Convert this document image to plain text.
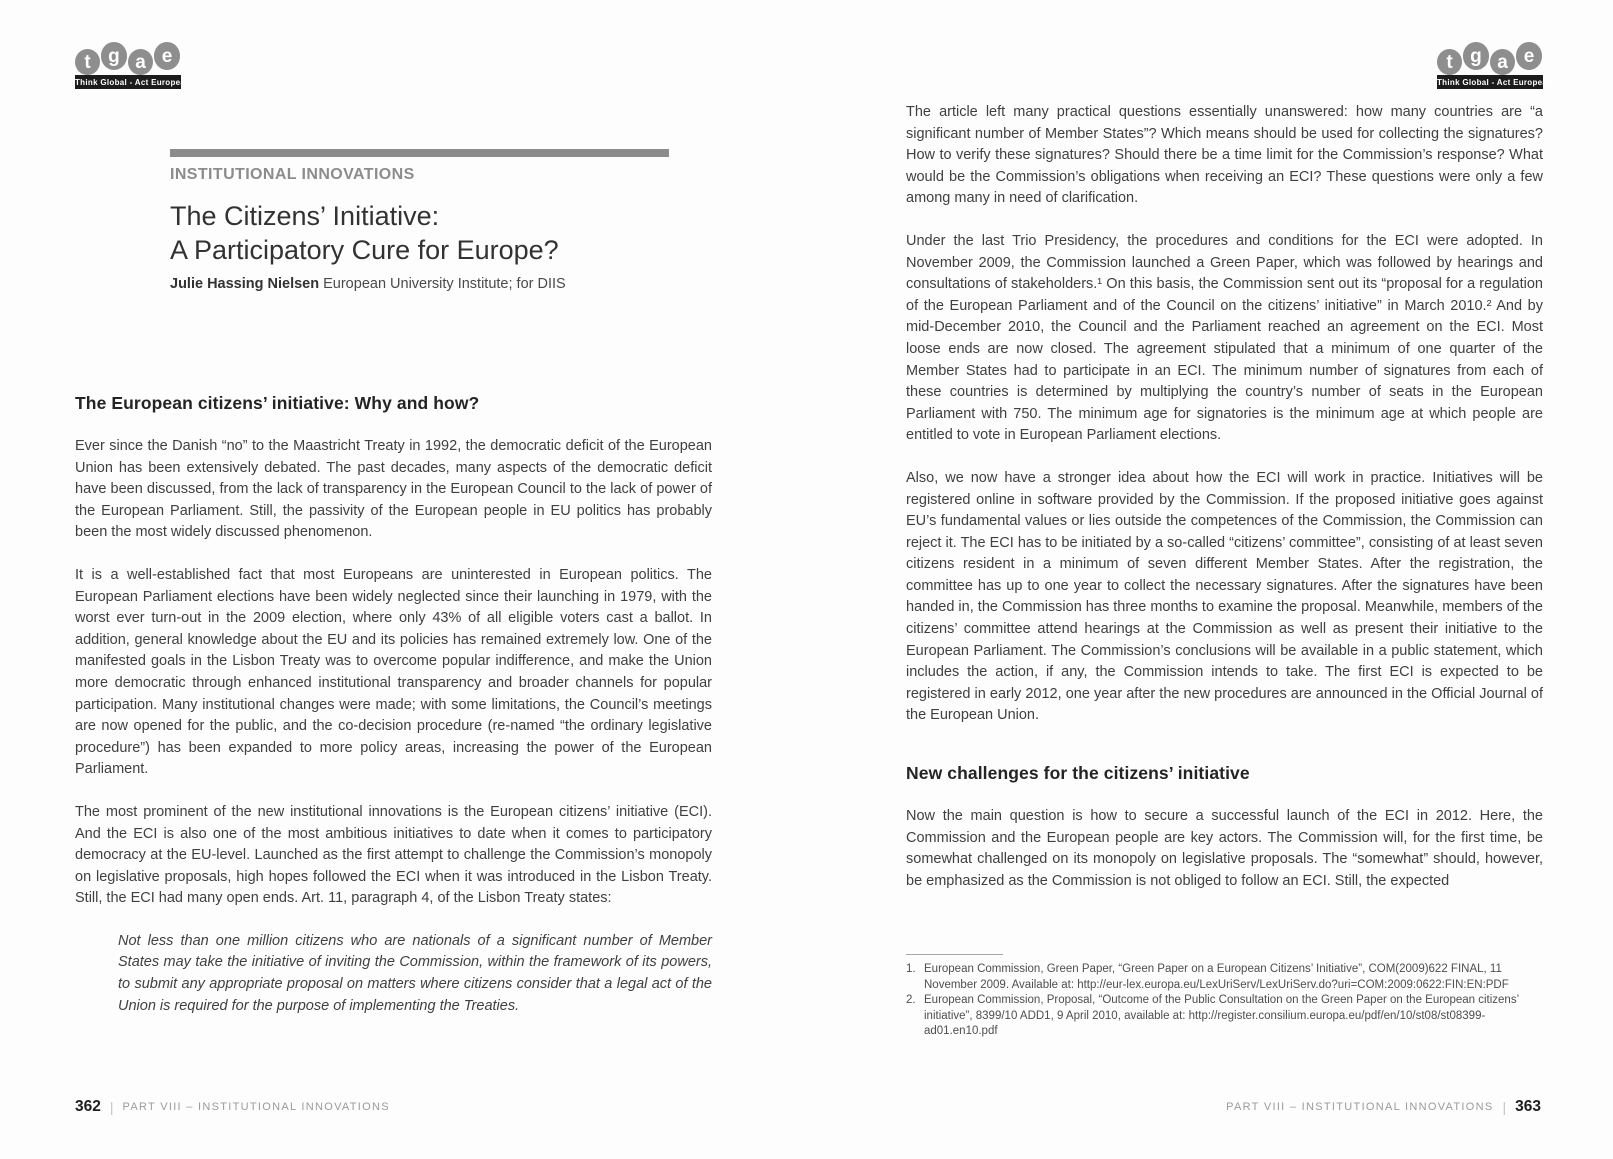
t g a e
Think Global - Act European
t g a e
Think Global - Act European
INSTITUTIONAL INNOVATIONS
The Citizens’ Initiative:
A Participatory Cure for Europe?
Julie Hassing Nielsen European University Institute; for DIIS
The European citizens’ initiative: Why and how?

Ever since the Danish “no” to the Maastricht Treaty in 1992, the democratic deficit of the European Union has been extensively debated. The past decades, many aspects of the democratic deficit have been discussed, from the lack of transparency in the European Council to the lack of power of the European Parliament. Still, the passivity of the European people in EU politics has probably been the most widely discussed phenomenon.

It is a well-established fact that most Europeans are uninterested in European politics. The European Parliament elections have been widely neglected since their launching in 1979, with the worst ever turn-out in the 2009 election, where only 43% of all eligible voters cast a ballot. In addition, general knowledge about the EU and its policies has remained extremely low. One of the manifested goals in the Lisbon Treaty was to overcome popular indifference, and make the Union more democratic through enhanced institutional transparency and broader channels for popular participation. Many institutional changes were made; with some limitations, the Council’s meetings are now opened for the public, and the co-decision procedure (re-named “the ordinary legislative procedure”) has been expanded to more policy areas, increasing the power of the European Parliament.

The most prominent of the new institutional innovations is the European citizens’ initiative (ECI). And the ECI is also one of the most ambitious initiatives to date when it comes to participatory democracy at the EU-level. Launched as the first attempt to challenge the Commission’s monopoly on legislative proposals, high hopes followed the ECI when it was introduced in the Lisbon Treaty. Still, the ECI had many open ends. Art. 11, paragraph 4, of the Lisbon Treaty states:

Not less than one million citizens who are nationals of a significant number of Member States may take the initiative of inviting the Commission, within the framework of its powers, to submit any appropriate proposal on matters where citizens consider that a legal act of the Union is required for the purpose of implementing the Treaties.

The article left many practical questions essentially unanswered: how many countries are “a significant number of Member States”? Which means should be used for collecting the signatures? How to verify these signatures? Should there be a time limit for the Commission’s response? What would be the Commission’s obligations when receiving an ECI? These questions were only a few among many in need of clarification.

Under the last Trio Presidency, the procedures and conditions for the ECI were adopted. In November 2009, the Commission launched a Green Paper, which was followed by hearings and consultations of stakeholders.¹ On this basis, the Commission sent out its “proposal for a regulation of the European Parliament and of the Council on the citizens’ initiative” in March 2010.² And by mid-December 2010, the Council and the Parliament reached an agreement on the ECI. Most loose ends are now closed. The agreement stipulated that a minimum of one quarter of the Member States had to participate in an ECI. The minimum number of signatures from each of these countries is determined by multiplying the country’s number of seats in the European Parliament with 750. The minimum age for signatories is the minimum age at which people are entitled to vote in European Parliament elections.

Also, we now have a stronger idea about how the ECI will work in practice. Initiatives will be registered online in software provided by the Commission. If the proposed initiative goes against EU’s fundamental values or lies outside the competences of the Commission, the Commission can reject it. The ECI has to be initiated by a so-called “citizens’ committee”, consisting of at least seven citizens resident in a minimum of seven different Member States. After the registration, the committee has up to one year to collect the necessary signatures. After the signatures have been handed in, the Commission has three months to examine the proposal. Meanwhile, members of the citizens’ committee attend hearings at the Commission as well as present their initiative to the European Parliament. The Commission’s conclusions will be available in a public statement, which includes the action, if any, the Commission intends to take. The first ECI is expected to be registered in early 2012, one year after the new procedures are announced in the Official Journal of the European Union.

New challenges for the citizens’ initiative

Now the main question is how to secure a successful launch of the ECI in 2012. Here, the Commission and the European people are key actors. The Commission will, for the first time, be somewhat challenged on its monopoly on legislative proposals. The “somewhat” should, however, be emphasized as the Commission is not obliged to follow an ECI. Still, the expected

1. European Commission, Green Paper, “Green Paper on a European Citizens’ Initiative”, COM(2009)622 FINAL, 11 November 2009. Available at: http://eur-lex.europa.eu/LexUriServ/LexUriServ.do?uri=COM:2009:0622:FIN:EN:PDF
2. European Commission, Proposal, “Outcome of the Public Consultation on the Green Paper on the European citizens’ initiative”, 8399/10 ADD1, 9 April 2010, available at: http://register.consilium.europa.eu/pdf/en/10/st08/st08399-ad01.en10.pdf
362 | PART VIII – INSTITUTIONAL INNOVATIONS	PART VIII – INSTITUTIONAL INNOVATIONS | 363
